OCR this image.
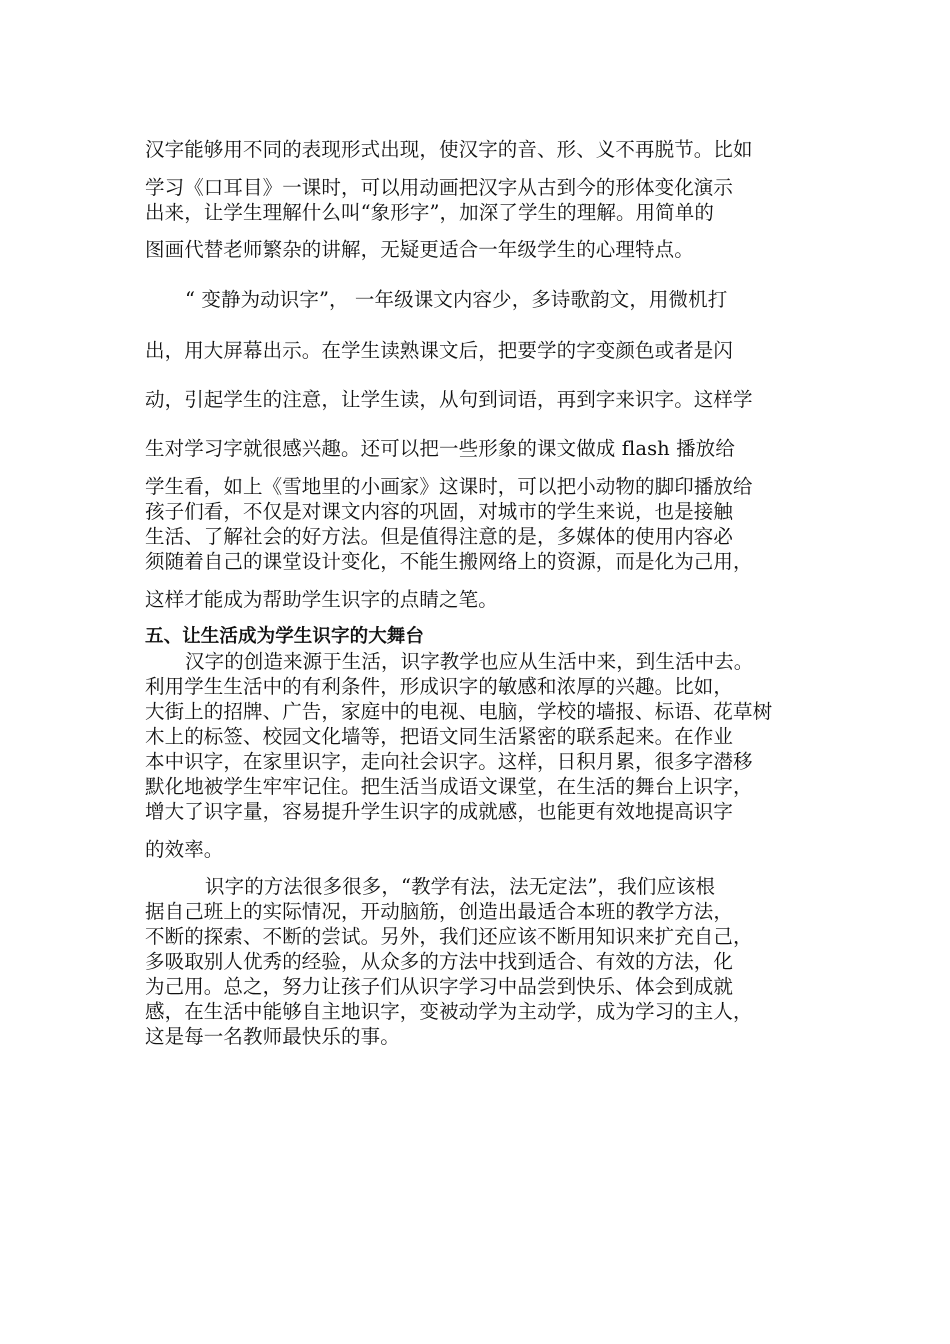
汉字能够用不同的表现形式出现，使汉字的音、形、义不再脱节。比如

学习《口耳目》一课时，可以用动画把汉字从古到今的形体变化演示

出来，让学生理解什么叫“象形字”，加深了学生的理解。用简单的

图画代替老师繁杂的讲解，无疑更适合一年级学生的心理特点。

“ 变静为动识字”， 一年级课文内容少，多诗歌韵文，用微机打

出，用大屏幕出示。在学生读熟课文后，把要学的字变颜色或者是闪

动，引起学生的注意，让学生读，从句到词语，再到字来识字。这样学

生对学习字就很感兴趣。还可以把一些形象的课文做成 flash 播放给

学生看，如上《雪地里的小画家》这课时，可以把小动物的脚印播放给

孩子们看，不仅是对课文内容的巩固，对城市的学生来说，也是接触

生活、了解社会的好方法。但是值得注意的是，多媒体的使用内容必

须随着自己的课堂设计变化，不能生搬网络上的资源，而是化为己用，

这样才能成为帮助学生识字的点睛之笔。

五、让生活成为学生识字的大舞台

汉字的创造来源于生活，识字教学也应从生活中来，到生活中去。

利用学生生活中的有利条件，形成识字的敏感和浓厚的兴趣。比如，

大街上的招牌、广告，家庭中的电视、电脑，学校的墙报、标语、花草树

木上的标签、校园文化墙等，把语文同生活紧密的联系起来。在作业

本中识字，在家里识字，走向社会识字。这样，日积月累，很多字潜移

默化地被学生牢牢记住。把生活当成语文课堂，在生活的舞台上识字，

增大了识字量，容易提升学生识字的成就感，也能更有效地提高识字

的效率。

识字的方法很多很多，“教学有法，法无定法”，我们应该根

据自己班上的实际情况，开动脑筋，创造出最适合本班的教学方法，

不断的探索、不断的尝试。另外，我们还应该不断用知识来扩充自己，

多吸取别人优秀的经验，从众多的方法中找到适合、有效的方法，化

为己用。总之，努力让孩子们从识字学习中品尝到快乐、体会到成就

感，在生活中能够自主地识字，变被动学为主动学，成为学习的主人，

这是每一名教师最快乐的事。
